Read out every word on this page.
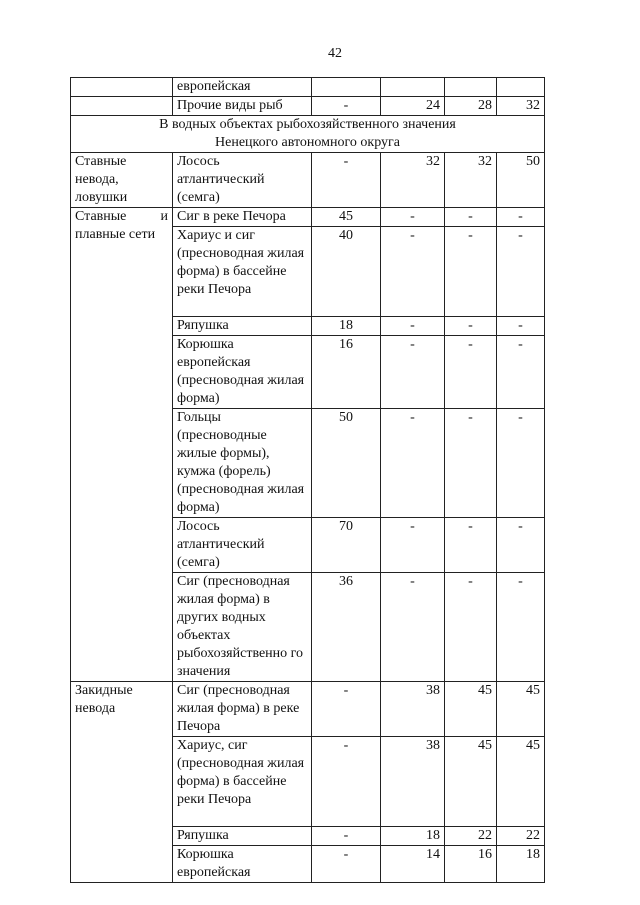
42
	европейская				
	Прочие виды рыб	-	24	28	32

В водных объектах рыбохозяйственного значения
Ненецкого автономного округа					

Ставные невода, ловушки	Лосось атлантический (семга)	-	32	32	50

Ставные и
плавные сети	Сиг в реке Печора	45	-	-	-
	Хариус и сиг (пресноводная жилая форма) в бассейне реки Печора	40	-	-	-
	Ряпушка	18	-	-	-
	Корюшка европейская (пресноводная жилая форма)	16	-	-	-
	Гольцы (пресноводные жилые формы), кумжа (форель) (пресноводная жилая форма)	50	-	-	-
	Лосось атлантический (семга)	70	-	-	-
	Сиг (пресноводная жилая форма) в других водных объектах рыбохозяйственно го значения	36	-	-	-
Закидные невода	Сиг (пресноводная жилая форма) в реке Печора	-	38	45	45
	Хариус, сиг (пресноводная жилая форма) в бассейне реки Печора	-	38	45	45
	Ряпушка	-	18	22	22
	Корюшка европейская	-	14	16	18
